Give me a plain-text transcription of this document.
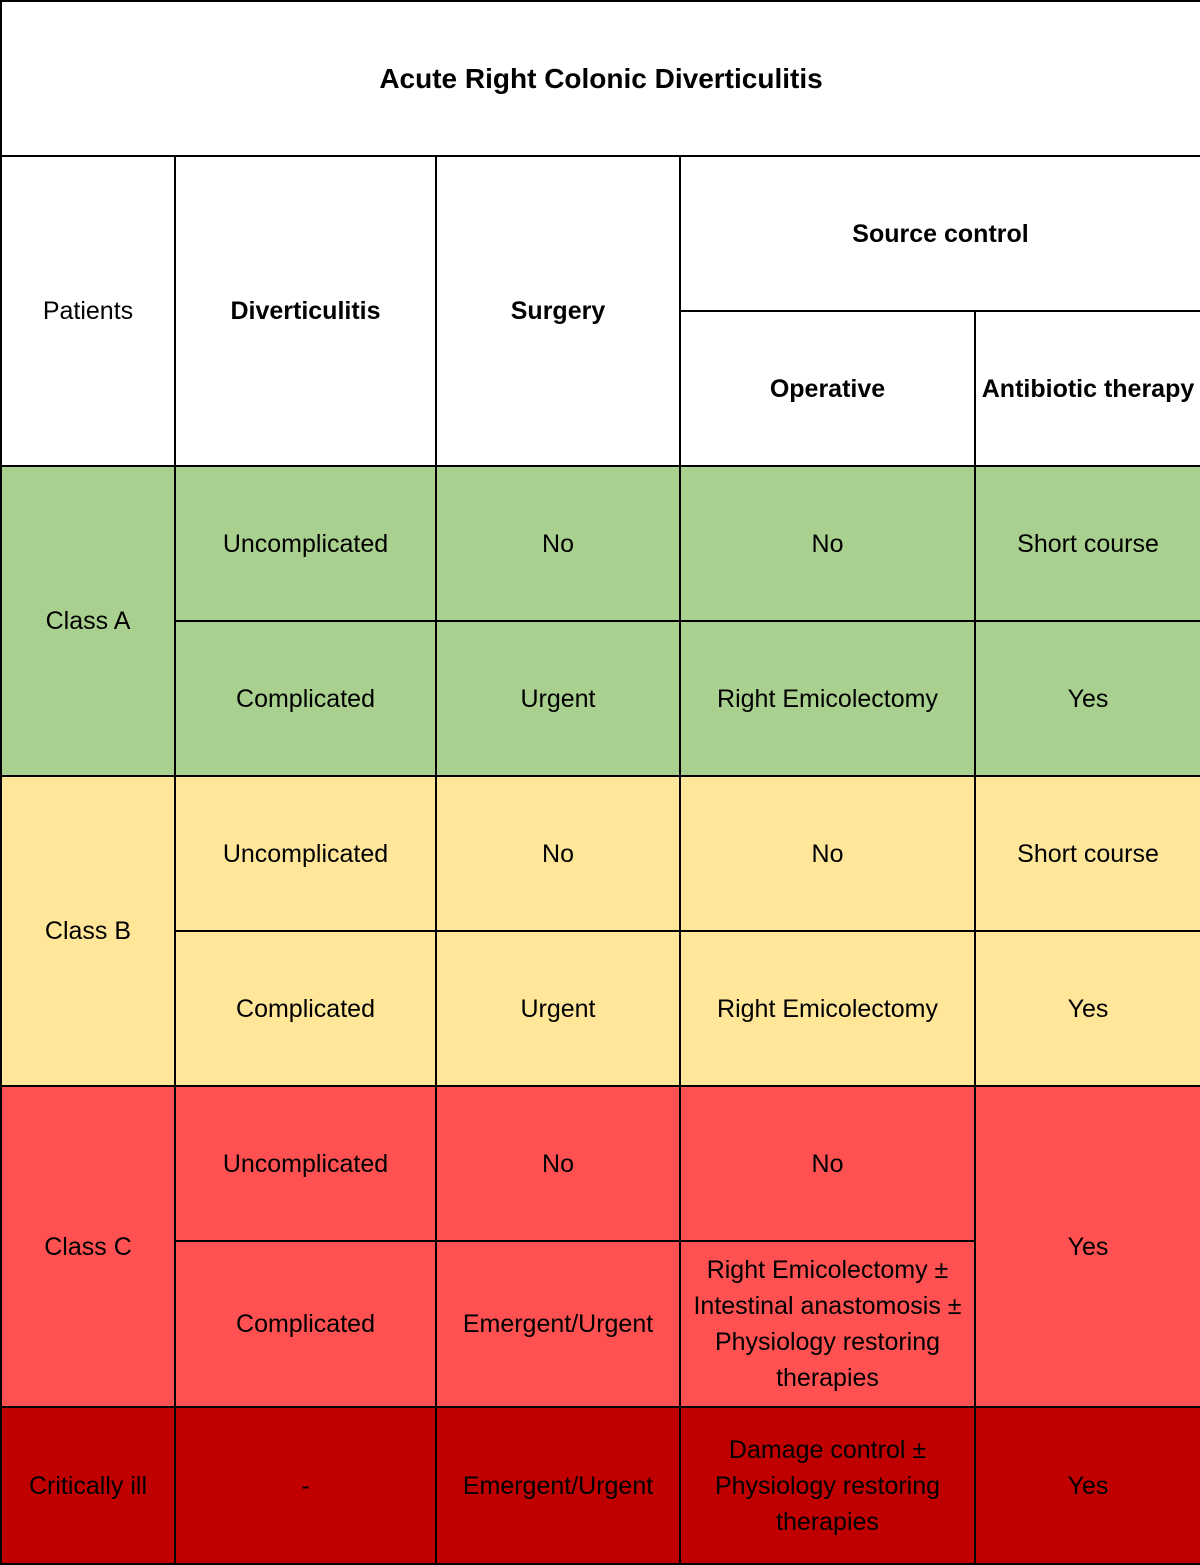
Acute Right Colonic Diverticulitis				
Patients	Diverticulitis	Surgery	Source control	
			Operative	Antibiotic therapy
Class A	Uncomplicated	No	No	Short course
	Complicated	Urgent	Right Emicolectomy	Yes
Class B	Uncomplicated	No	No	Short course
	Complicated	Urgent	Right Emicolectomy	Yes
Class C	Uncomplicated	No	No	Yes
	Complicated	Emergent/Urgent	Right Emicolectomy ±
Intestinal anastomosis ±
Physiology restoring
therapies	
Critically ill	-	Emergent/Urgent	Damage control ±
Physiology restoring
therapies	Yes
